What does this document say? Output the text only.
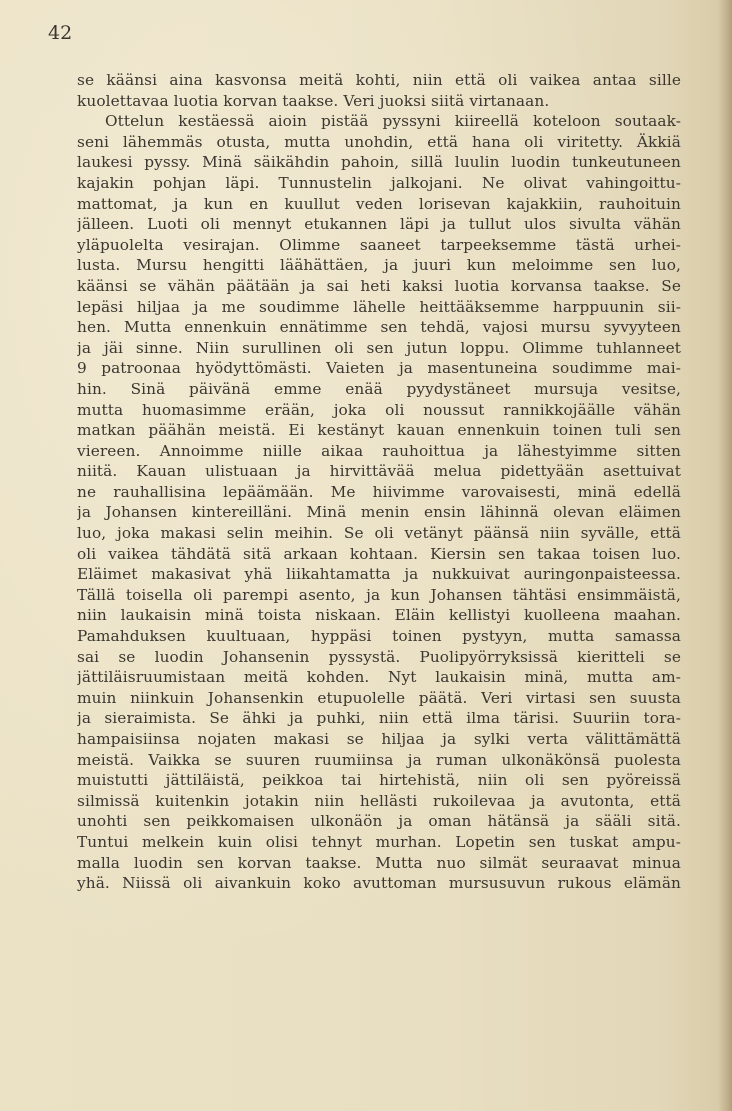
42
se käänsi aina kasvonsa meitä kohti, niin että oli vaikea antaa sille
kuolettavaa luotia korvan taakse. Veri juoksi siitä virtanaan.
Ottelun kestäessä aioin pistää pyssyni kiireellä koteloon soutaak-
seni lähemmäs otusta, mutta unohdin, että hana oli viritetty. Äkkiä
laukesi pyssy. Minä säikähdin pahoin, sillä luulin luodin tunkeutuneen
kajakin pohjan läpi. Tunnustelin jalkojani. Ne olivat vahingoittu-
mattomat, ja kun en kuullut veden lorisevan kajakkiin, rauhoituin
jälleen. Luoti oli mennyt etukannen läpi ja tullut ulos sivulta vähän
yläpuolelta vesirajan. Olimme saaneet tarpeeksemme tästä urhei-
lusta. Mursu hengitti läähättäen, ja juuri kun meloimme sen luo,
käänsi se vähän päätään ja sai heti kaksi luotia korvansa taakse. Se
lepäsi hiljaa ja me soudimme lähelle heittääksemme harppuunin sii-
hen. Mutta ennenkuin ennätimme sen tehdä, vajosi mursu syvyyteen
ja jäi sinne. Niin surullinen oli sen jutun loppu. Olimme tuhlanneet
9 patroonaa hyödyttömästi. Vaieten ja masentuneina soudimme mai-
hin. Sinä päivänä emme enää pyydystäneet mursuja vesitse,
mutta huomasimme erään, joka oli noussut rannikkojäälle vähän
matkan päähän meistä. Ei kestänyt kauan ennenkuin toinen tuli sen
viereen. Annoimme niille aikaa rauhoittua ja lähestyimme sitten
niitä. Kauan ulistuaan ja hirvittävää melua pidettyään asettuivat
ne rauhallisina lepäämään. Me hiivimme varovaisesti, minä edellä
ja Johansen kintereilläni. Minä menin ensin lähinnä olevan eläimen
luo, joka makasi selin meihin. Se oli vetänyt päänsä niin syvälle, että
oli vaikea tähdätä sitä arkaan kohtaan. Kiersin sen takaa toisen luo.
Eläimet makasivat yhä liikahtamatta ja nukkuivat auringonpaisteessa.
Tällä toisella oli parempi asento, ja kun Johansen tähtäsi ensimmäistä,
niin laukaisin minä toista niskaan. Eläin kellistyi kuolleena maahan.
Pamahduksen kuultuaan, hyppäsi toinen pystyyn, mutta samassa
sai se luodin Johansenin pyssystä. Puolipyörryksissä kieritteli se
jättiläisruumistaan meitä kohden. Nyt laukaisin minä, mutta am-
muin niinkuin Johansenkin etupuolelle päätä. Veri virtasi sen suusta
ja sieraimista. Se ähki ja puhki, niin että ilma tärisi. Suuriin tora-
hampaisiinsa nojaten makasi se hiljaa ja sylki verta välittämättä
meistä. Vaikka se suuren ruumiinsa ja ruman ulkonäkönsä puolesta
muistutti jättiläistä, peikkoa tai hirtehistä, niin oli sen pyöreissä
silmissä kuitenkin jotakin niin hellästi rukoilevaa ja avutonta, että
unohti sen peikkomaisen ulkonäön ja oman hätänsä ja sääli sitä.
Tuntui melkein kuin olisi tehnyt murhan. Lopetin sen tuskat ampu-
malla luodin sen korvan taakse. Mutta nuo silmät seuraavat minua
yhä. Niissä oli aivankuin koko avuttoman mursusuvun rukous elämän
